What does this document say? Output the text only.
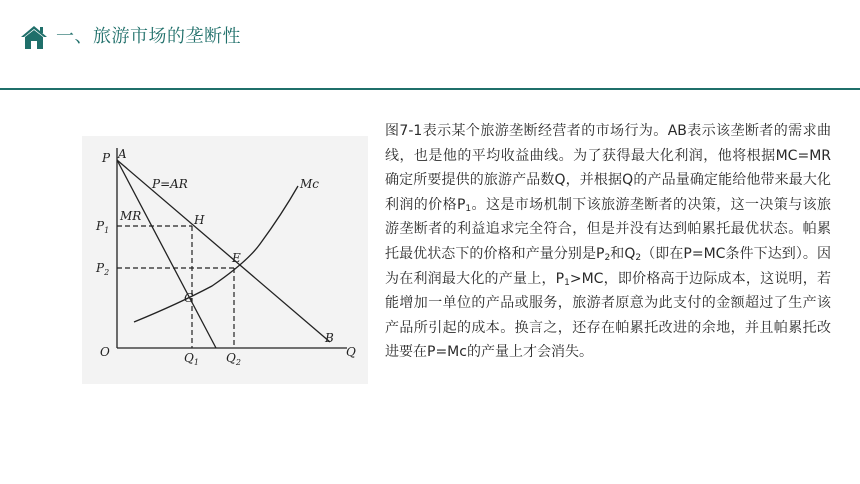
一、旅游市场的垄断性
P A
P=AR	Mc
MR	H
E
G
B
O	Q
$P_1$
$P_2$
$Q_1$ $Q_2$
图7-1表示某个旅游垄断经营者的市场行为。AB表示该垄断者的需求曲线，也是他的平均收益曲线。为了获得最大化利润，他将根据MC=MR确定所要提供的旅游产品数Q，并根据Q的产品量确定能给他带来最大化利润的价格$P_1$。这是市场机制下该旅游垄断者的决策，这一决策与该旅游垄断者的利益追求完全符合，但是并没有达到帕累托最优状态。帕累托最优状态下的价格和产量分别是$P_2$和$Q_2$（即在P=MC条件下达到）。因为在利润最大化的产量上，$P_1>MC$，即价格高于边际成本，这说明，若能增加一单位的产品或服务，旅游者原意为此支付的金额超过了生产该产品所引起的成本。换言之，还存在帕累托改进的余地，并且帕累托改进要在P=Mc的产量上才会消失。
